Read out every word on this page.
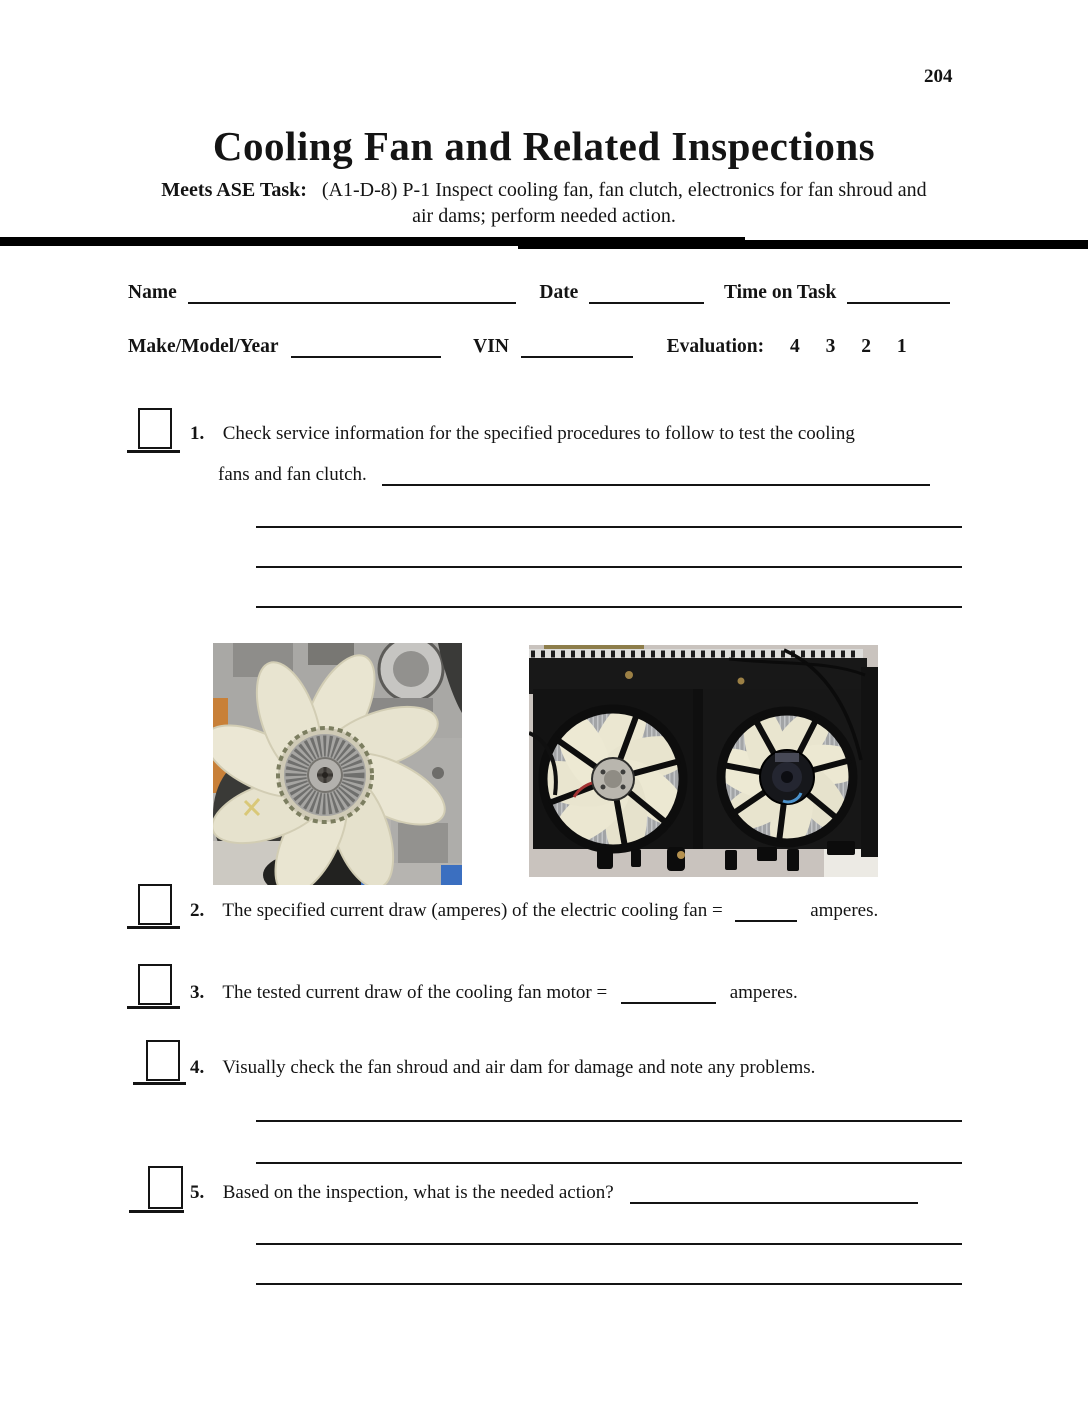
204
Cooling Fan and Related Inspections
Meets ASE Task: (A1-D-8) P-1 Inspect cooling fan, fan clutch, electronics for fan shroud and
air dams; perform needed action.
Name	Date	Time on Task
Make/Model/Year	VIN	Evaluation: 4 3 2 1
1. Check service information for the specified procedures to follow to test the cooling
fans and fan clutch.
2. The specified current draw (amperes) of the electric cooling fan =	amperes.
3. The tested current draw of the cooling fan motor =	amperes.
4. Visually check the fan shroud and air dam for damage and note any problems.
5. Based on the inspection, what is the needed action?
